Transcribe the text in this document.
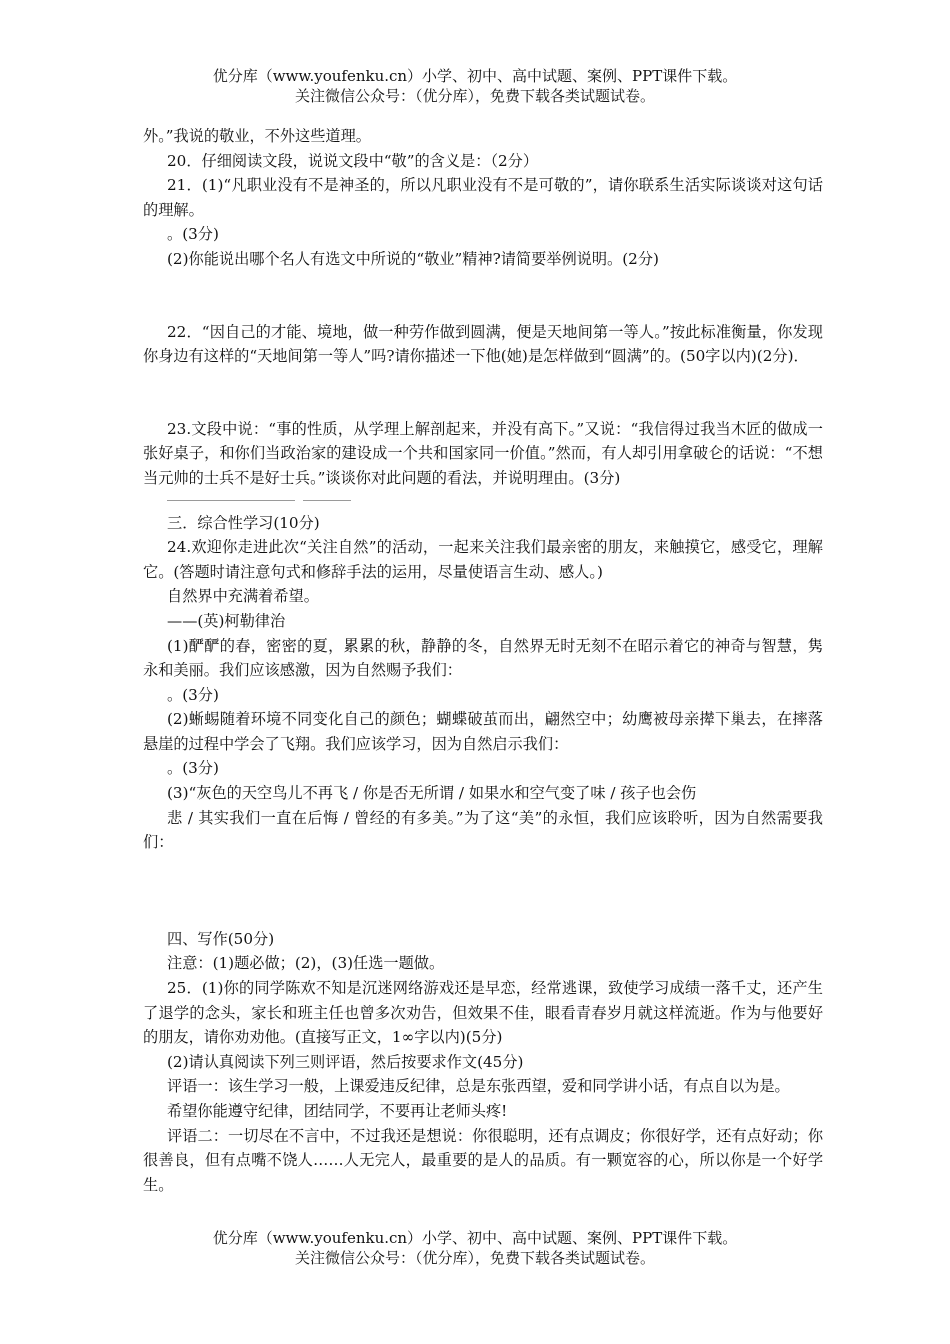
优分库（www.youfenku.cn）小学、初中、高中试题、案例、PPT课件下载。
关注微信公众号：（优分库），免费下载各类试题试卷。

外。”我说的敬业，不外这些道理。

20．仔细阅读文段，说说文段中“敬”的含义是：（2分）

21．(1)“凡职业没有不是神圣的，所以凡职业没有不是可敬的”，请你联系生活实际谈谈对这句话的理解。

。(3分)

(2)你能说出哪个名人有选文中所说的“敬业”精神?请简要举例说明。(2分)

22．“因自己的才能、境地，做一种劳作做到圆满，便是天地间第一等人。”按此标准衡量，你发现你身边有这样的“天地间第一等人”吗?请你描述一下他(她)是怎样做到“圆满”的。(50字以内)(2分)．

23.文段中说：“事的性质，从学理上解剖起来，并没有高下。”又说：“我信得过我当木匠的做成一张好桌子，和你们当政治家的建设成一个共和国家同一价值。”然而，有人却引用拿破仑的话说：“不想当元帅的士兵不是好士兵。”谈谈你对此问题的看法，并说明理由。(3分)

三．综合性学习(10分)

24.欢迎你走进此次“关注自然”的活动，一起来关注我们最亲密的朋友，来触摸它，感受它，理解它。(答题时请注意句式和修辞手法的运用，尽量使语言生动、感人。)

自然界中充满着希望。

——(英)柯勒律治

(1)酽酽的春，密密的夏，累累的秋，静静的冬，自然界无时无刻不在昭示着它的神奇与智慧，隽永和美丽。我们应该感激，因为自然赐予我们：

。(3分)

(2)蜥蜴随着环境不同变化自己的颜色；蝴蝶破茧而出，翩然空中；幼鹰被母亲撵下巢去，在摔落悬崖的过程中学会了飞翔。我们应该学习，因为自然启示我们：

。(3分)

(3)“灰色的天空鸟儿不再飞 / 你是否无所谓 / 如果水和空气变了味 / 孩子也会伤

悲 / 其实我们一直在后悔 / 曾经的有多美。”为了这“美”的永恒，我们应该聆听，因为自然需要我们：

四、写作(50分)

注意：(1)题必做；(2)，(3)任选一题做。

25．(1)你的同学陈欢不知是沉迷网络游戏还是早恋，经常逃课，致使学习成绩一落千丈，还产生了退学的念头，家长和班主任也曾多次劝告，但效果不佳，眼看青春岁月就这样流逝。作为与他要好的朋友，请你劝劝他。(直接写正文，1∞字以内)(5分)

(2)请认真阅读下列三则评语，然后按要求作文(45分)

评语一：该生学习一般，上课爱违反纪律，总是东张西望，爱和同学讲小话，有点自以为是。

希望你能遵守纪律，团结同学，不要再让老师头疼!

评语二：一切尽在不言中，不过我还是想说：你很聪明，还有点调皮；你很好学，还有点好动；你很善良，但有点嘴不饶人……人无完人，最重要的是人的品质。有一颗宽容的心，所以你是一个好学生。

优分库（www.youfenku.cn）小学、初中、高中试题、案例、PPT课件下载。
关注微信公众号：（优分库），免费下载各类试题试卷。
